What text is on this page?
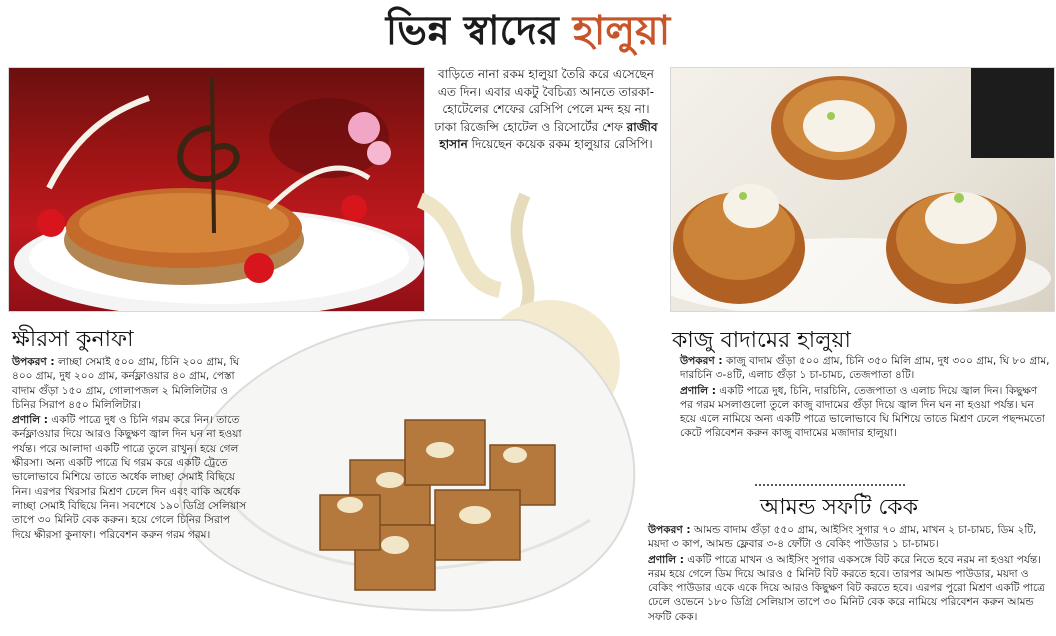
ভিন্ন স্বাদের হালুয়া
বাড়িতে নানা রকম হালুয়া তৈরি করে এসেছেন এত দিন। এবার একটু বৈচিত্র্য আনতে তারকা-হোটেলের শেফের রেসিপি পেলে মন্দ হয় না। ঢাকা রিজেন্সি হোটেল ও রিসোর্টের শেফ রাজীব হাসান দিয়েছেন কয়েক রকম হালুয়ার রেসিপি।
ক্ষীরসা কুনাফা

উপকরণ : লাচ্ছা সেমাই ৫০০ গ্রাম, চিনি ২০০ গ্রাম, ঘি ৪০০ গ্রাম, দুধ ২০০ গ্রাম, কর্নফ্লাওয়ার ৪০ গ্রাম, পেস্তা বাদাম গুঁড়া ১৫০ গ্রাম, গোলাপজল ২ মিলিলিটার ও চিনির সিরাপ ৪৫০ মিলিলিটার।

প্রণালি : একটি পাত্রে দুধ ও চিনি গরম করে নিন। তাতে কর্নফ্লাওয়ার দিয়ে আরও কিছুক্ষণ জ্বাল দিন ঘন না হওয়া পর্যন্ত। পরে আলাদা একটি পাত্রে তুলে রাখুন। হয়ে গেল ক্ষীরসা। অন্য একটি পাত্রে ঘি গরম করে একটি ট্রেতে ভালোভাবে মিশিয়ে তাতে অর্ধেক লাচ্ছা সেমাই বিছিয়ে নিন। এরপর খিরসার মিশ্রণ ঢেলে দিন এবং বাকি অর্ধেক লাচ্ছা সেমাই বিছিয়ে নিন। সবশেষে ১৯০ ডিগ্রি সেলিয়াস তাপে ৩০ মিনিট বেক করুন। হয়ে গেলে চিনির সিরাপ দিয়ে ক্ষীরসা কুনাফা। পরিবেশন করুন গরম গরম।

কাজু বাদামের হালুয়া

উপকরণ : কাজু বাদাম গুঁড়া ৫০০ গ্রাম, চিনি ৩৫০ মিলি গ্রাম, দুধ ৩০০ গ্রাম, ঘি ৮০ গ্রাম, দারচিনি ৩-৪টি, এলাচ গুঁড়া ১ চা-চামচ, তেজপাতা ৪টি।

প্রণালি : একটি পাত্রে দুধ, চিনি, দারচিনি, তেজপাতা ও এলাচ দিয়ে জ্বাল দিন। কিছুক্ষণ পর গরম মসলাগুলো তুলে কাজু বাদামের গুঁড়া দিয়ে জ্বাল দিন ঘন না হওয়া পর্যন্ত। ঘন হয়ে এলে নামিয়ে অন্য একটি পাত্রে ভালোভাবে ঘি মিশিয়ে তাতে মিশ্রণ ঢেলে পছন্দমতো কেটে পরিবেশন করুন কাজু বাদামের মজাদার হালুয়া।

আমন্ড সফটি কেক

উপকরণ : আমন্ড বাদাম গুঁড়া ৫৫০ গ্রাম, আইসিং সুগার ৭০ গ্রাম, মাখন ২ চা-চামচ, ডিম ২টি, ময়দা ৩ কাপ, আমন্ড ফ্লেবার ৩-৪ ফোঁটা ও বেকিং পাউডার ১ চা-চামচ।

প্রণালি : একটি পাত্রে মাখন ও আইসিং সুগার একসঙ্গে বিট করে নিতে হবে নরম না হওয়া পর্যন্ত। নরম হয়ে গেলে ডিম দিয়ে আরও ৫ মিনিট বিট করতে হবে। তারপর আমন্ড পাউডার, ময়দা ও বেকিং পাউডার একে একে দিয়ে আরও কিছুক্ষণ বিট করতে হবে। এরপর পুরো মিশ্রণ একটি পাত্রে ঢেলে ওভেনে ১৮০ ডিগ্রি সেলিয়াস তাপে ৩০ মিনিট বেক করে নামিয়ে পরিবেশন করুন আমন্ড সফটি কেক।
